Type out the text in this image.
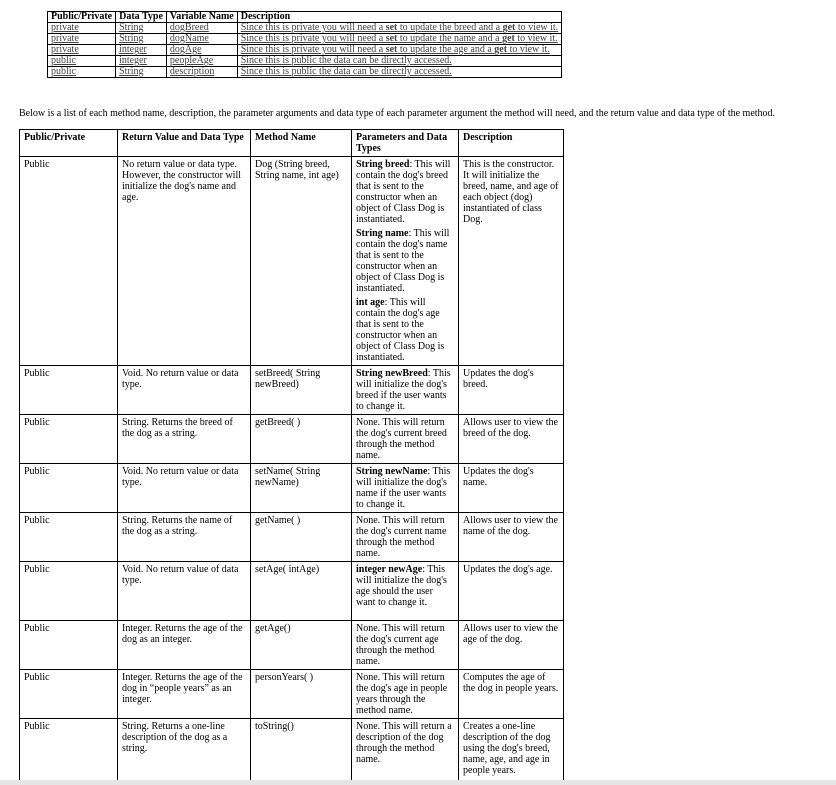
Public/Private	Data Type	Variable Name	Description
private	String	dogBreed	Since this is private you will need a set to update the breed and a get to view it.
private	String	dogName	Since this is private you will need a set to update the name and a get to view it.
private	integer	dogAge	Since this is private you will need a set to update the age and a get to view it.
public	integer	peopleAge	Since this is public the data can be directly accessed.
public	String	description	Since this is public the data can be directly accessed.
Below is a list of each method name, description, the parameter arguments and data type of each parameter argument the method will need, and the return value and data type of the method.
Public/Private	Return Value and Data Type	Method Name	Parameters and Data Types	Description
Public	No return value or data type. However, the constructor will initialize the dog's name and age.	Dog (String breed, String name, int age)	String breed: This will contain the dog's breed that is sent to the constructor when an object of Class Dog is instantiated.
String name: This will contain the dog's name that is sent to the constructor when an object of Class Dog is instantiated.
int age: This will contain the dog's age that is sent to the constructor when an object of Class Dog is instantiated.	This is the constructor. It will initialize the breed, name, and age of each object (dog) instantiated of class Dog.
Public	Void. No return value or data type.	setBreed( String newBreed)	String newBreed: This will initialize the dog's breed if the user wants to change it.	Updates the dog's breed.
Public	String. Returns the breed of the dog as a string.	getBreed( )	None. This will return the dog's current breed through the method name.	Allows user to view the breed of the dog.
Public	Void. No return value or data type.	setName( String newName)	String newName: This will initialize the dog's name if the user wants to change it.	Updates the dog's name.
Public	String. Returns the name of the dog as a string.	getName( )	None. This will return the dog's current name through the method name.	Allows user to view the name of the dog.
Public	Void. No return value of data type.	setAge( intAge)	integer newAge: This will initialize the dog's age should the user want to change it.	Updates the dog's age.
Public	Integer. Returns the age of the dog as an integer.	getAge()	None. This will return the dog's current age through the method name.	Allows user to view the age of the dog.
Public	Integer. Returns the age of the dog in “people years” as an integer.	personYears( )	None. This will return the dog's age in people years through the method name.	Computes the age of the dog in people years.
Public	String. Returns a one-line description of the dog as a string.	toString()	None. This will return a description of the dog through the method name.	Creates a one-line description of the dog using the dog's breed, name, age, and age in people years.
